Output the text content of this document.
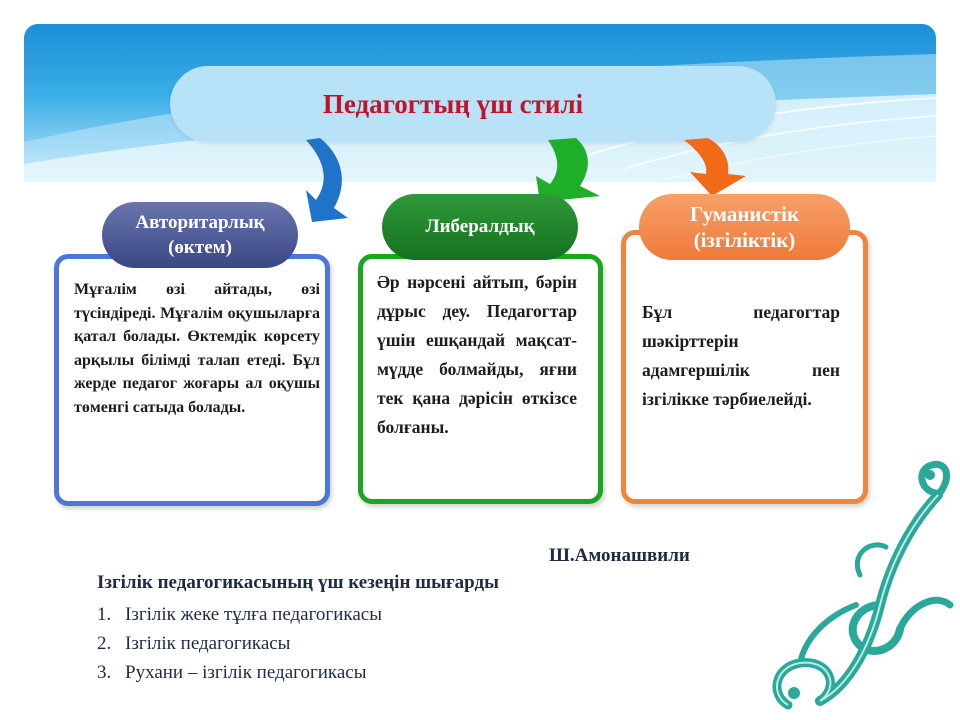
Педагогтың үш стилі

Мұғалім өзі айтады, өзі түсіндіреді. Мұғалім оқушыларға қатал болады. Өктемдік көрсету арқылы білімді талап етеді. Бұл жерде педагог жоғары ал оқушы төменгі сатыда болады.

Әр нәрсені айтып, бәрін дұрыс деу. Педагогтар үшін ешқандай мақсат-мүдде болмайды, яғни тек қана дәрісін өткізсе болғаны.

Бұл педагогтар шәкірттерін адамгершілік пен ізгілікке тәрбиелейді.

Авторитарлық
(өктем)
Либералдық
Гуманистік
(ізгіліктік)
Ш.Амонашвили
Ізгілік педагогикасының үш кезеңін шығарды
1. Ізгілік жеке тұлға педагогикасы
2. Ізгілік педагогикасы
3. Рухани – ізгілік педагогикасы
